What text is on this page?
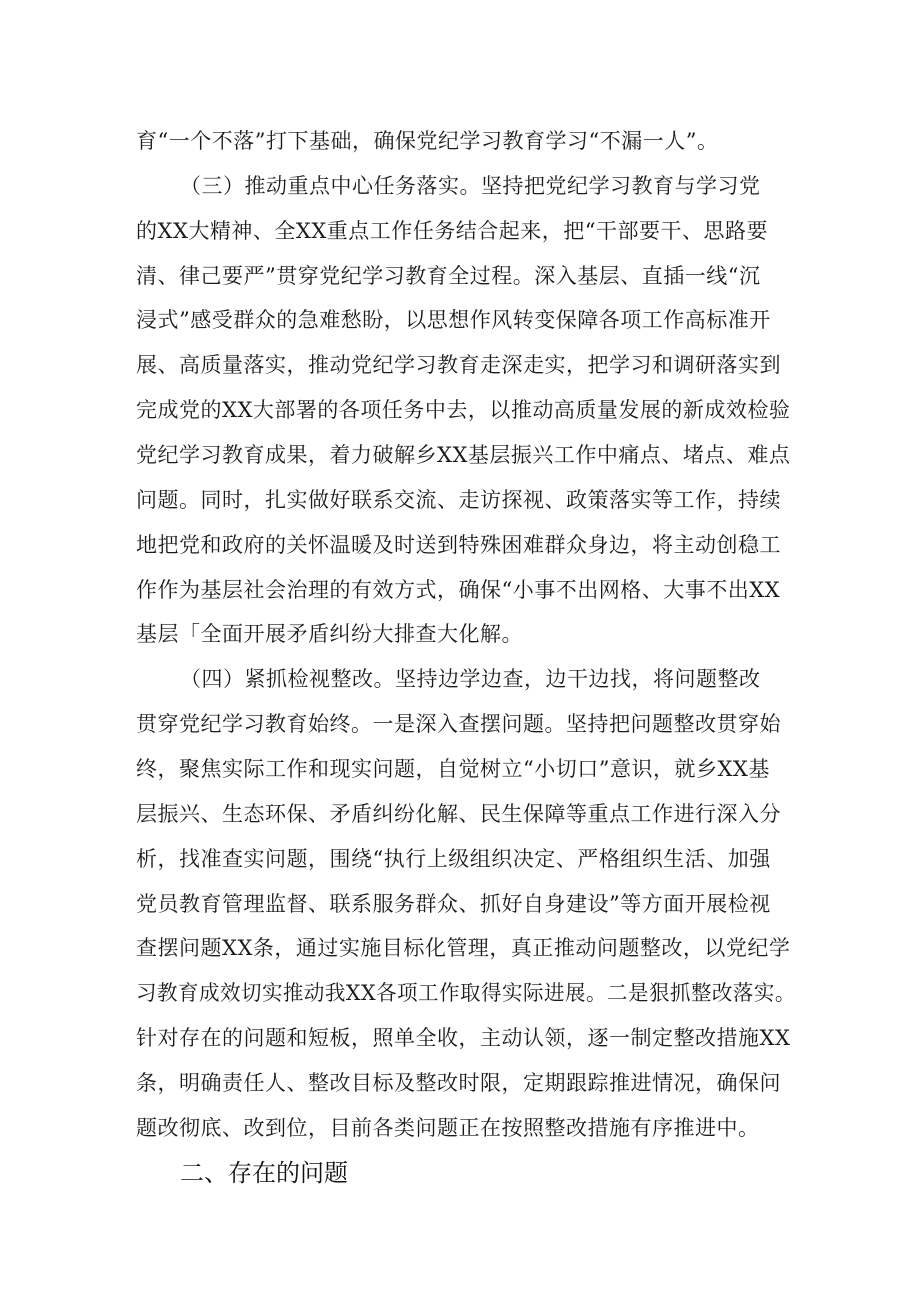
育“一个不落”打下基础，确保党纪学习教育学习“不漏一人”。
（三）推动重点中心任务落实。坚持把党纪学习教育与学习党
的XX大精神、全XX重点工作任务结合起来，把“干部要干、思路要
清、律己要严”贯穿党纪学习教育全过程。深入基层、直插一线“沉
浸式”感受群众的急难愁盼，以思想作风转变保障各项工作高标准开
展、高质量落实，推动党纪学习教育走深走实，把学习和调研落实到
完成党的XX大部署的各项任务中去，以推动高质量发展的新成效检验
党纪学习教育成果，着力破解乡XX基层振兴工作中痛点、堵点、难点
问题。同时，扎实做好联系交流、走访探视、政策落实等工作，持续
地把党和政府的关怀温暖及时送到特殊困难群众身边，将主动创稳工
作作为基层社会治理的有效方式，确保“小事不出网格、大事不出XX
基层「全面开展矛盾纠纷大排查大化解。
（四）紧抓检视整改。坚持边学边查，边干边找，将问题整改
贯穿党纪学习教育始终。一是深入查摆问题。坚持把问题整改贯穿始
终，聚焦实际工作和现实问题，自觉树立“小切口”意识，就乡XX基
层振兴、生态环保、矛盾纠纷化解、民生保障等重点工作进行深入分
析，找准查实问题，围绕“执行上级组织决定、严格组织生活、加强
党员教育管理监督、联系服务群众、抓好自身建设”等方面开展检视
查摆问题XX条，通过实施目标化管理，真正推动问题整改，以党纪学
习教育成效切实推动我XX各项工作取得实际进展。二是狠抓整改落实。
针对存在的问题和短板，照单全收，主动认领，逐一制定整改措施XX
条，明确责任人、整改目标及整改时限，定期跟踪推进情况，确保问
题改彻底、改到位，目前各类问题正在按照整改措施有序推进中。
二、存在的问题
